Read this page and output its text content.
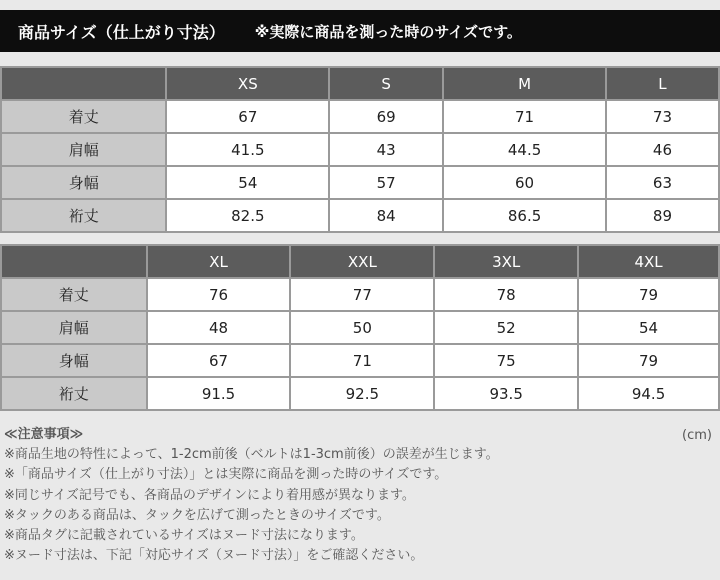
商品サイズ（仕上がり寸法） ※実際に商品を測った時のサイズです。
	XS	S	M	L
着丈	67	69	71	73
肩幅	41.5	43	44.5	46
身幅	54	57	60	63
裄丈	82.5	84	86.5	89
	XL	XXL	3XL	4XL
着丈	76	77	78	79
肩幅	48	50	52	54
身幅	67	71	75	79
裄丈	91.5	92.5	93.5	94.5
(cm)
≪注意事項≫
※商品生地の特性によって、1-2cm前後（ベルトは1-3cm前後）の誤差が生じます。
※「商品サイズ（仕上がり寸法）」とは実際に商品を測った時のサイズです。
※同じサイズ記号でも、各商品のデザインにより着用感が異なります。
※タックのある商品は、タックを広げて測ったときのサイズです。
※商品タグに記載されているサイズはヌード寸法になります。
※ヌード寸法は、下記「対応サイズ（ヌード寸法）」をご確認ください。
